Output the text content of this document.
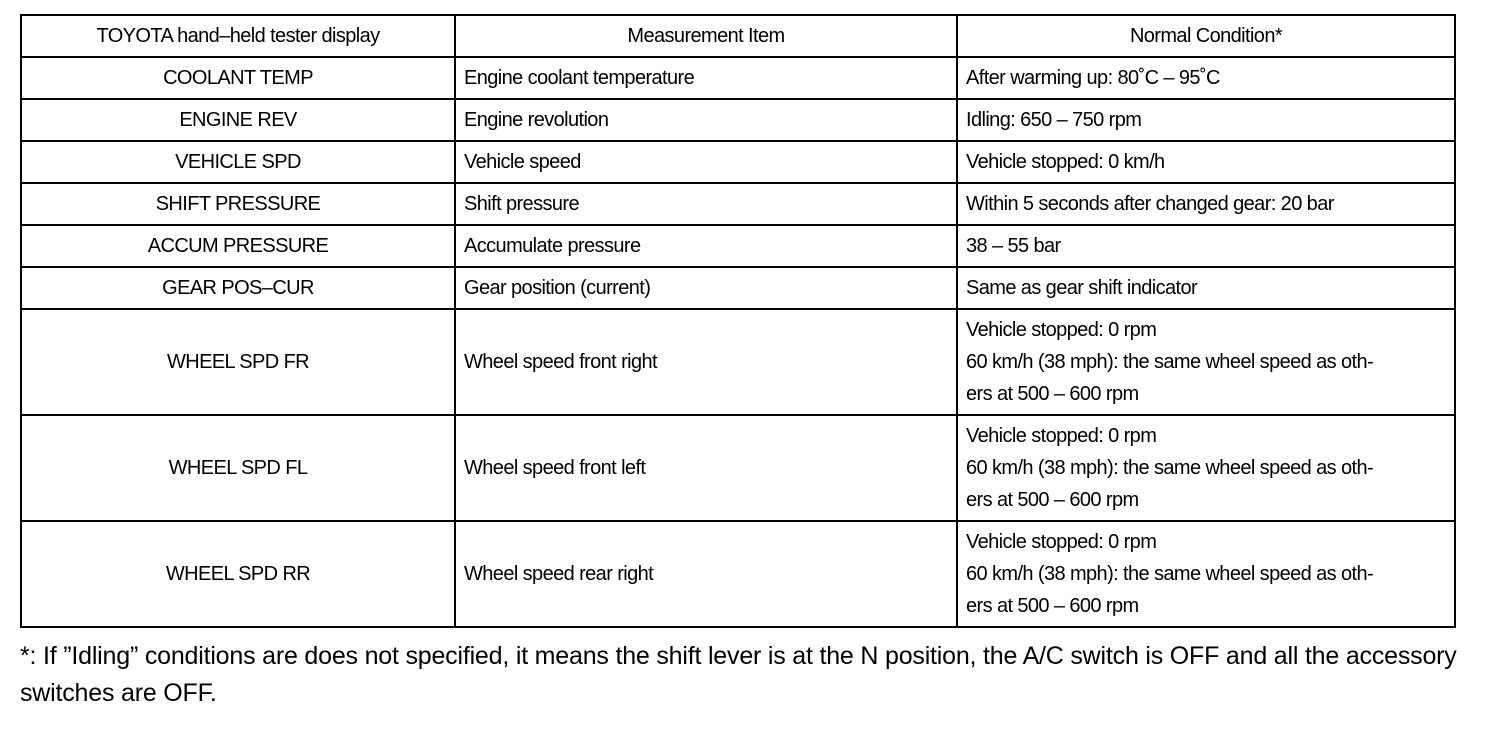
TOYOTA hand–held tester display	Measurement Item	Normal Condition*
COOLANT TEMP	Engine coolant temperature	After warming up: 80˚C – 95˚C

ENGINE REV	Engine revolution	Idling: 650 – 750 rpm

VEHICLE SPD	Vehicle speed	Vehicle stopped: 0 km/h

SHIFT PRESSURE	Shift pressure	Within 5 seconds after changed gear: 20 bar

ACCUM PRESSURE	Accumulate pressure	38 – 55 bar

GEAR POS–CUR	Gear position (current)	Same as gear shift indicator

WHEEL SPD FR	Wheel speed front right	Vehicle stopped: 0 rpm
60 km/h (38 mph): the same wheel speed as oth-
ers at 500 – 600 rpm

WHEEL SPD FL	Wheel speed front left	Vehicle stopped: 0 rpm
60 km/h (38 mph): the same wheel speed as oth-
ers at 500 – 600 rpm

WHEEL SPD RR	Wheel speed rear right	Vehicle stopped: 0 rpm
60 km/h (38 mph): the same wheel speed as oth-
ers at 500 – 600 rpm
*: If ”Idling” conditions are does not specified, it means the shift lever is at the N position, the A/C switch is OFF and all the accessory switches are OFF.
